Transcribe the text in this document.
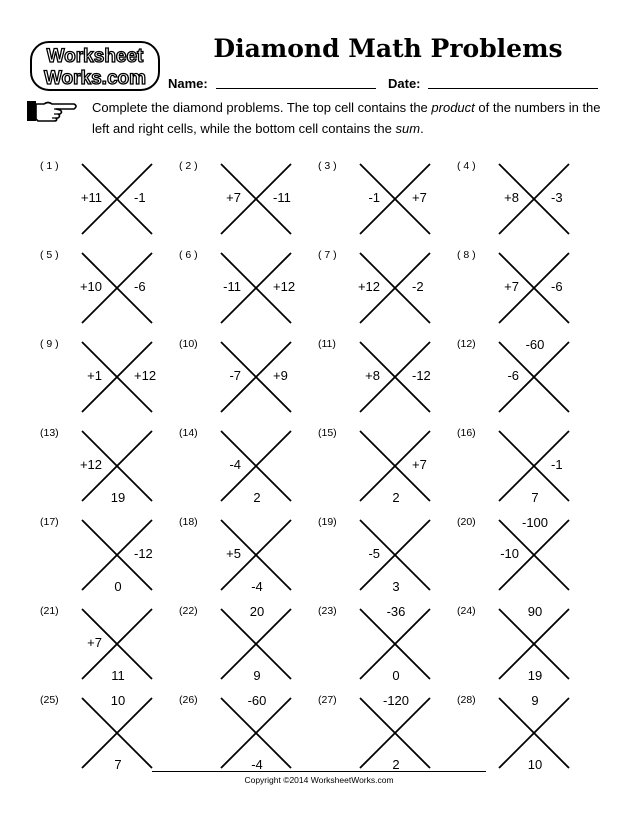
Worksheet
Works.com
Diamond Math Problems
Name:	Date:
Complete the diamond problems. The top cell contains the product of the numbers in the left and right cells, while the bottom cell contains the sum.
( 1 )
+11 -1
( 2 )
+7 -11
( 3 )
-1 +7
( 4 )
+8 -3
( 5 )
+10 -6
( 6 )
-11 +12
( 7 )
+12 -2
( 8 )
+7 -6
( 9 )
+1 +12
(10)
-7 +9
(11)
+8 -12
(12)	-60
-6
(13)
+12
19
(14)
-4
2
(15)
+7
2
(16)
-1
7
(17)
-12
0
(18)
+5
-4
(19)
-5
3
(20)	-100
-10
(21)
+7
11
(22)	20
9
(23)	-36
0
(24)	90
19
(25)	10
7
(26)	-60
-4
(27)	-120
2
(28)	9
10
Copyright ©2014 WorksheetWorks.com
